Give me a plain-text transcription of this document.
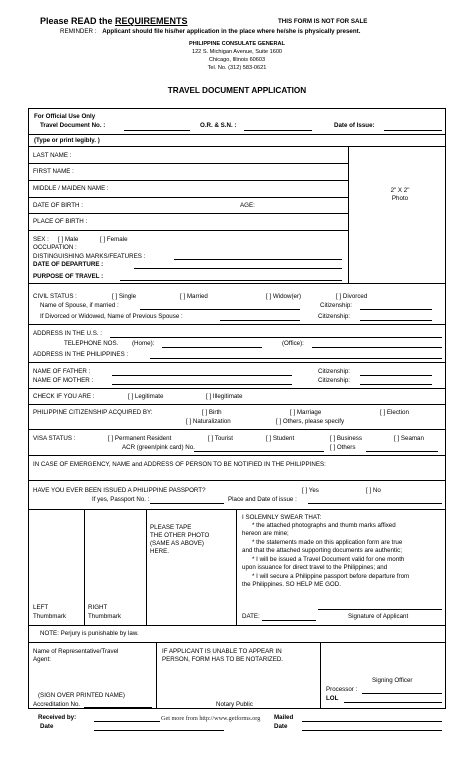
Please READ the REQUIREMENTS	THIS FORM IS NOT FOR SALE
REMINDER : Applicant should file his/her application in the place where he/she is physically present.
PHILIPPINE CONSULATE GENERAL
122 S. Michigan Avenue, Suite 1600
Chicago, Illinois 60603
Tel. No. (312) 583-0621
TRAVEL DOCUMENT APPLICATION
For Official Use Only
Travel Document No. :	O.R. & S.N. :	Date of Issue:
(Type or print legibly. )
2" X 2"
Photo
LAST NAME :
FIRST NAME :
MIDDLE / MAIDEN NAME :
DATE OF BIRTH :	AGE:
PLACE OF BIRTH :
SEX : [ ] Male	[ ] Female
OCCUPATION :
DISTINGUISHING MARKS/FEATURES :
DATE OF DEPARTURE :
PURPOSE OF TRAVEL :
CIVIL STATUS :	[ ] Single	[ ] Married	[ ] Widow(er)	[ ] Divorced
Name of Spouse, if married :	Citizenship:
If Divorced or Widowed, Name of Previous Spouse :	Citizenship:
ADDRESS IN THE U.S. :
TELEPHONE NOS. (Home):	(Office):
ADDRESS IN THE PHILIPPINES :
NAME OF FATHER :	Citizenship:
NAME OF MOTHER :	Citizenship:
CHECK IF YOU ARE :	[ ] Legitimate	[ ] Illegitimate
PHILIPPINE CITIZENSHIP ACQUIRED BY:	[ ] Birth	[ ] Marriage	[ ] Election
[ ] Naturalization	[ ] Others, please specify
VISA STATUS :	[ ] Permanent Resident	[ ] Tourist	[ ] Student	[ ] Business	[ ] Seaman
ACR (green/pink card) No.	[ ] Others
IN CASE OF EMERGENCY, NAME and ADDRESS OF PERSON TO BE NOTIFIED IN THE PHILIPPINES:
HAVE YOU EVER BEEN ISSUED A PHILIPPINE PASSPORT?	[ ] Yes	[ ] No
If yes, Passport No. :	Place and Date of issue :
LEFT
Thumbmark
RIGHT
Thumbmark
PLEASE TAPE
THE OTHER PHOTO
(SAME AS ABOVE)
HERE.
I SOLEMNLY SWEAR THAT:
* the attached photographs and thumb marks affixed
hereon are mine;
* the statements made on this application form are true
and that the attached supporting documents are authentic;
* I will be issued a Travel Document valid for one month
upon issuance for direct travel to the Philippines; and
* I will secure a Philippine passport before departure from
the Philippines. SO HELP ME GOD.
DATE:	Signature of Applicant
NOTE: Perjury is punishable by law.
Name of Representative/Travel
Agent:
(SIGN OVER PRINTED NAME)
Accreditation No.
IF APPLICANT IS UNABLE TO APPEAR IN
PERSON, FORM HAS TO BE NOTARIZED.
Notary Public
Signing Officer
Processor :
LOL
Received by:
Date
Mailed
Date
Get more from http://www.getforms.org
